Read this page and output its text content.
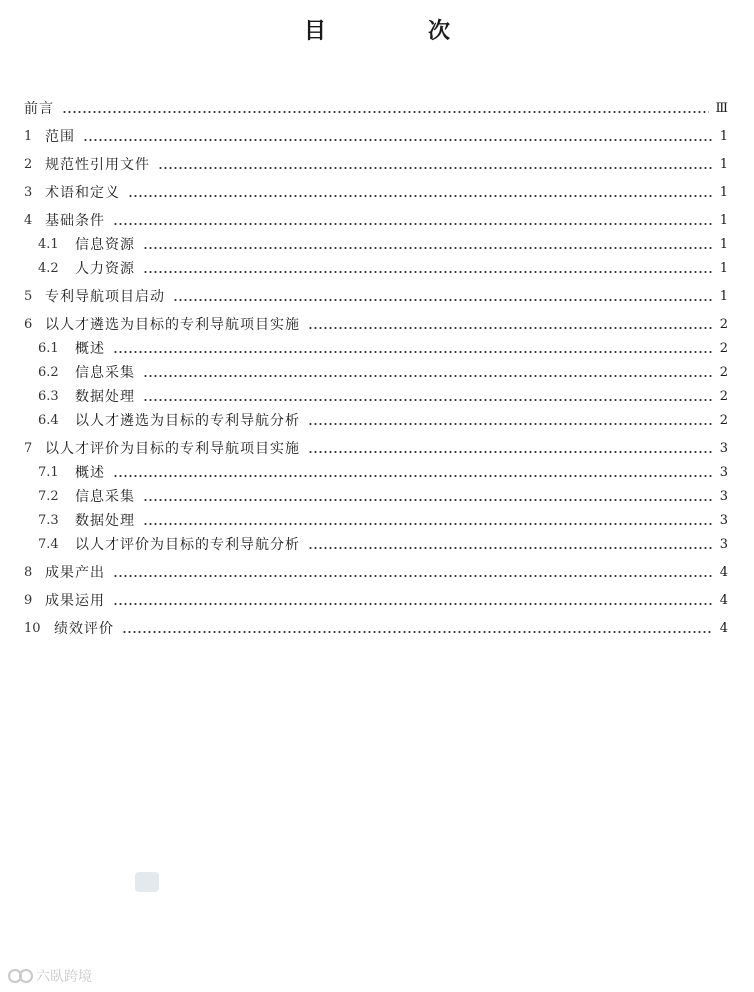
目　次
前言	Ⅲ
1 范围	1
2 规范性引用文件	1
3 术语和定义	1
4 基础条件	1
4.1	信息资源	1
4.2	人力资源	1
5 专利导航项目启动	1
6 以人才遴选为目标的专利导航项目实施	2
6.1	概述	2
6.2	信息采集	2
6.3	数据处理	2
6.4	以人才遴选为目标的专利导航分析	2
7 以人才评价为目标的专利导航项目实施	3
7.1	概述	3
7.2	信息采集	3
7.3	数据处理	3
7.4	以人才评价为目标的专利导航分析	3
8 成果产出	4
9 成果运用	4
10 绩效评价	4
六臥跨境
